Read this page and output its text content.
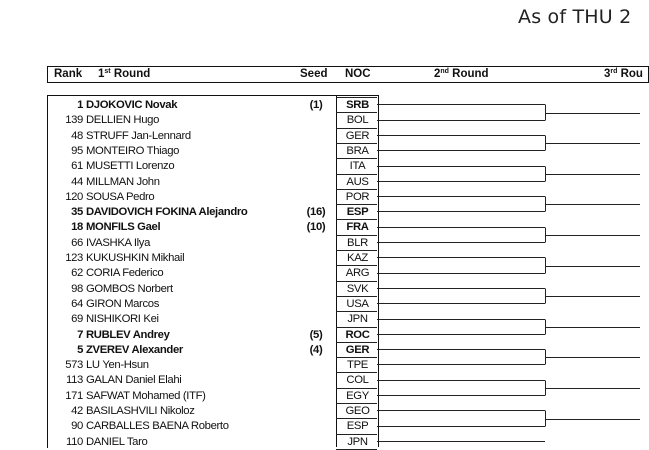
As of THU 2
Rank 1st Round	Seed NOC	2nd Round	3rd Rou
1 DJOKOVIC Novak	(1)	SRB
139 DELLIEN Hugo	BOL
48 STRUFF Jan-Lennard	GER
95 MONTEIRO Thiago	BRA
61 MUSETTI Lorenzo	ITA
44 MILLMAN John	AUS
120 SOUSA Pedro	POR
35 DAVIDOVICH FOKINA Alejandro	(16)	ESP
18 MONFILS Gael	(10)	FRA
66 IVASHKA Ilya	BLR
123 KUKUSHKIN Mikhail	KAZ
62 CORIA Federico	ARG
98 GOMBOS Norbert	SVK
64 GIRON Marcos	USA
69 NISHIKORI Kei	JPN
7 RUBLEV Andrey	(5)	ROC
5 ZVEREV Alexander	(4)	GER
573 LU Yen-Hsun	TPE
113 GALAN Daniel Elahi	COL
171 SAFWAT Mohamed (ITF)	EGY
42 BASILASHVILI Nikoloz	GEO
90 CARBALLES BAENA Roberto	ESP
110 DANIEL Taro	JPN
